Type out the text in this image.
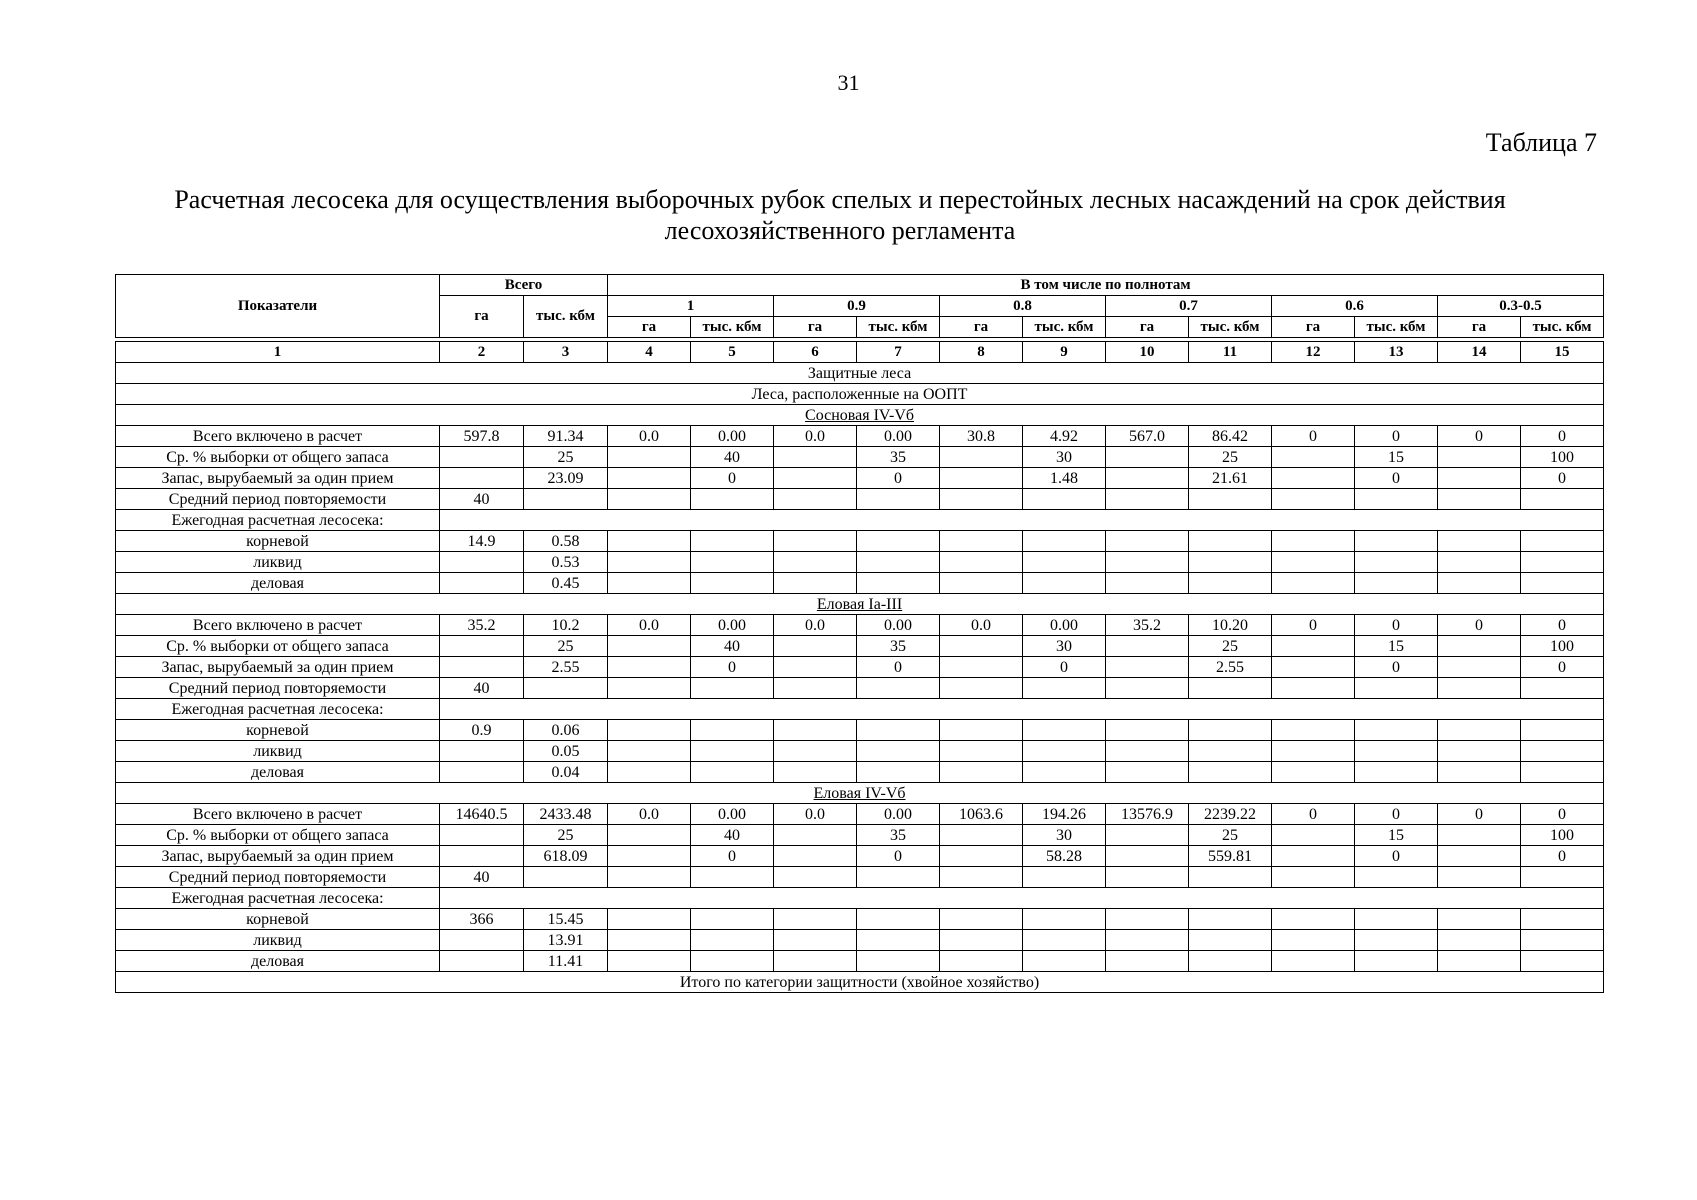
31
Таблица 7
Расчетная лесосека для осуществления выборочных рубок спелых и перестойных лесных насаждений на срок действия лесохозяйственного регламента
Показатели	Всего		В том числе по полнотам											
	га	тыс. кбм	1		0.9		0.8		0.7		0.6		0.3-0.5	
			га	тыс. кбм	га	тыс. кбм	га	тыс. кбм	га	тыс. кбм	га	тыс. кбм	га	тыс. кбм

1	2	3	4	5	6	7	8	9	10	11	12	13	14	15
Защитные леса														
Леса, расположенные на ООПТ														
Сосновая IV-Vб														
Всего включено в расчет	597.8	91.34	0.0	0.00	0.0	0.00	30.8	4.92	567.0	86.42	0	0	0	0
Ср. % выборки от общего запаса		25		40		35		30		25		15		100
Запас, вырубаемый за один прием		23.09		0		0		1.48		21.61		0		0
Средний период повторяемости	40													
Ежегодная расчетная лесосека:														
корневой	14.9	0.58												
ликвид		0.53												
деловая		0.45												
Еловая Ia-III														
Всего включено в расчет	35.2	10.2	0.0	0.00	0.0	0.00	0.0	0.00	35.2	10.20	0	0	0	0
Ср. % выборки от общего запаса		25		40		35		30		25		15		100
Запас, вырубаемый за один прием		2.55		0		0		0		2.55		0		0
Средний период повторяемости	40													
Ежегодная расчетная лесосека:														
корневой	0.9	0.06												
ликвид		0.05												
деловая		0.04												
Еловая IV-Vб														
Всего включено в расчет	14640.5	2433.48	0.0	0.00	0.0	0.00	1063.6	194.26	13576.9	2239.22	0	0	0	0
Ср. % выборки от общего запаса		25		40		35		30		25		15		100
Запас, вырубаемый за один прием		618.09		0		0		58.28		559.81		0		0
Средний период повторяемости	40													
Ежегодная расчетная лесосека:														
корневой	366	15.45												
ликвид		13.91												
деловая		11.41												
Итого по категории защитности (хвойное хозяйство)														
